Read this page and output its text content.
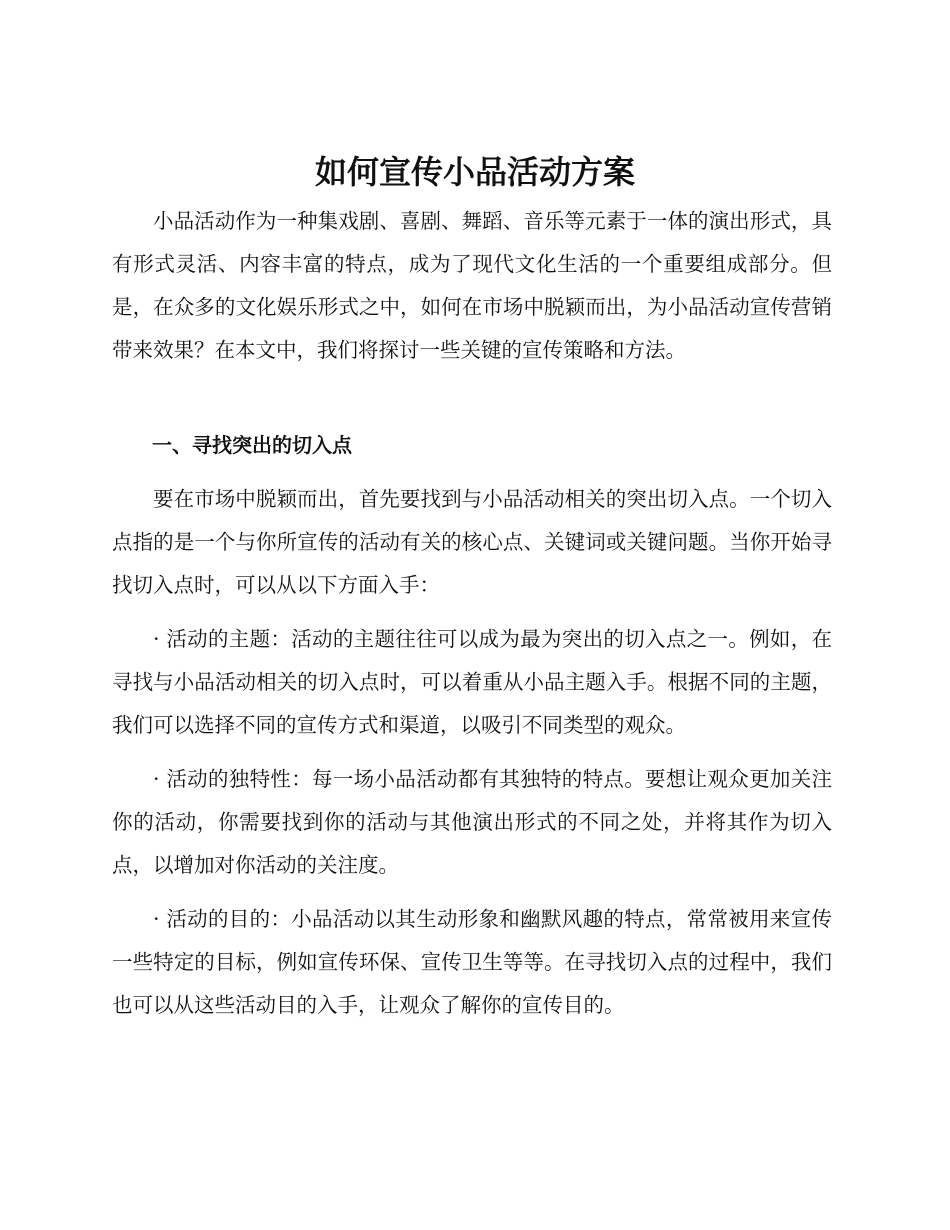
如何宣传小品活动方案

小品活动作为一种集戏剧、喜剧、舞蹈、音乐等元素于一体的演出形式，具有形式灵活、内容丰富的特点，成为了现代文化生活的一个重要组成部分。但是，在众多的文化娱乐形式之中，如何在市场中脱颖而出，为小品活动宣传营销带来效果？在本文中，我们将探讨一些关键的宣传策略和方法。

一、寻找突出的切入点

要在市场中脱颖而出，首先要找到与小品活动相关的突出切入点。一个切入点指的是一个与你所宣传的活动有关的核心点、关键词或关键问题。当你开始寻找切入点时，可以从以下方面入手：

· 活动的主题：活动的主题往往可以成为最为突出的切入点之一。例如，在寻找与小品活动相关的切入点时，可以着重从小品主题入手。根据不同的主题，我们可以选择不同的宣传方式和渠道，以吸引不同类型的观众。

· 活动的独特性：每一场小品活动都有其独特的特点。要想让观众更加关注你的活动，你需要找到你的活动与其他演出形式的不同之处，并将其作为切入点，以增加对你活动的关注度。

· 活动的目的：小品活动以其生动形象和幽默风趣的特点，常常被用来宣传一些特定的目标，例如宣传环保、宣传卫生等等。在寻找切入点的过程中，我们也可以从这些活动目的入手，让观众了解你的宣传目的。
